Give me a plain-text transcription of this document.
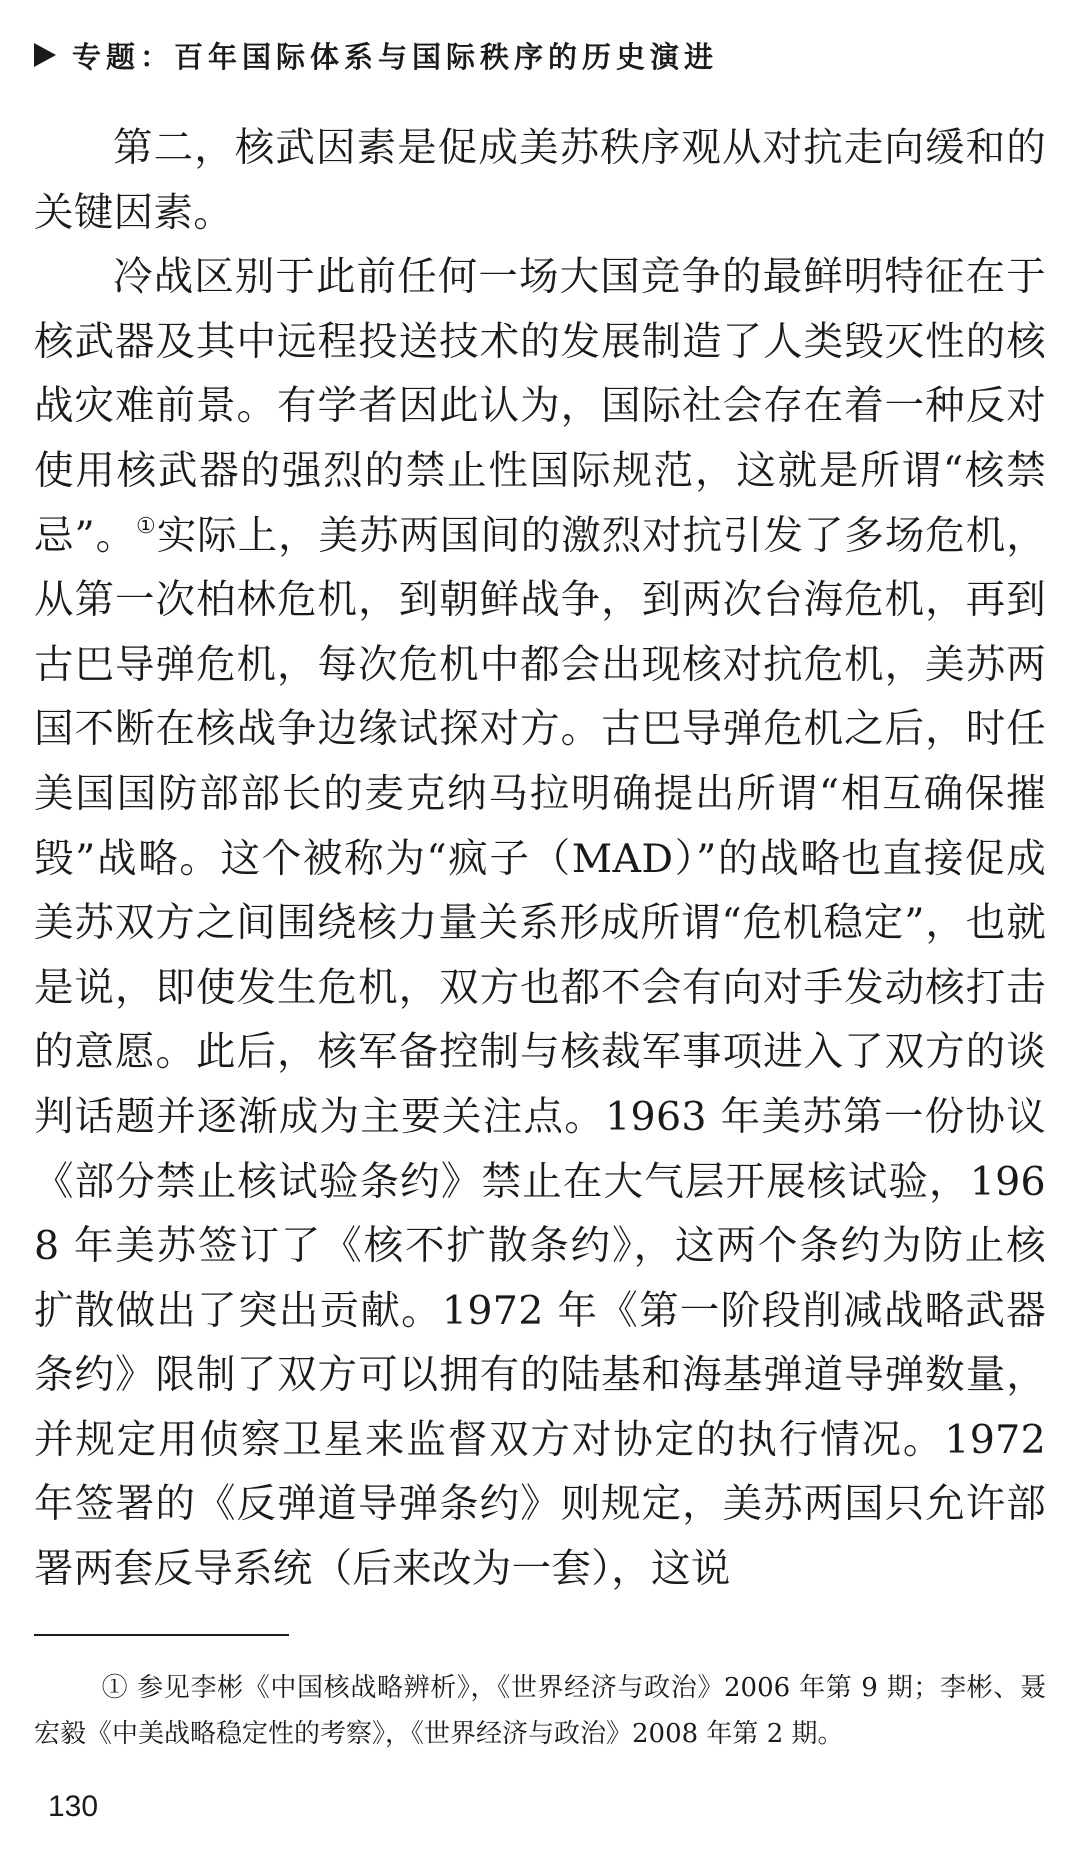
专题：百年国际体系与国际秩序的历史演进

第二，核武因素是促成美苏秩序观从对抗走向缓和的关键因素。

冷战区别于此前任何一场大国竞争的最鲜明特征在于核武器及其中远程投送技术的发展制造了人类毁灭性的核战灾难前景。有学者因此认为，国际社会存在着一种反对使用核武器的强烈的禁止性国际规范，这就是所谓“核禁忌”。①实际上，美苏两国间的激烈对抗引发了多场危机，从第一次柏林危机，到朝鲜战争，到两次台海危机，再到古巴导弹危机，每次危机中都会出现核对抗危机，美苏两国不断在核战争边缘试探对方。古巴导弹危机之后，时任美国国防部部长的麦克纳马拉明确提出所谓“相互确保摧毁”战略。这个被称为“疯子（MAD）”的战略也直接促成美苏双方之间围绕核力量关系形成所谓“危机稳定”，也就是说，即使发生危机，双方也都不会有向对手发动核打击的意愿。此后，核军备控制与核裁军事项进入了双方的谈判话题并逐渐成为主要关注点。1963 年美苏第一份协议《部分禁止核试验条约》禁止在大气层开展核试验，1968 年美苏签订了《核不扩散条约》，这两个条约为防止核扩散做出了突出贡献。1972 年《第一阶段削减战略武器条约》限制了双方可以拥有的陆基和海基弹道导弹数量，并规定用侦察卫星来监督双方对协定的执行情况。1972 年签署的《反弹道导弹条约》则规定，美苏两国只允许部署两套反导系统（后来改为一套），这说

① 参见李彬《中国核战略辨析》，《世界经济与政治》2006 年第 9 期；李彬、聂宏毅《中美战略稳定性的考察》，《世界经济与政治》2008 年第 2 期。

130
